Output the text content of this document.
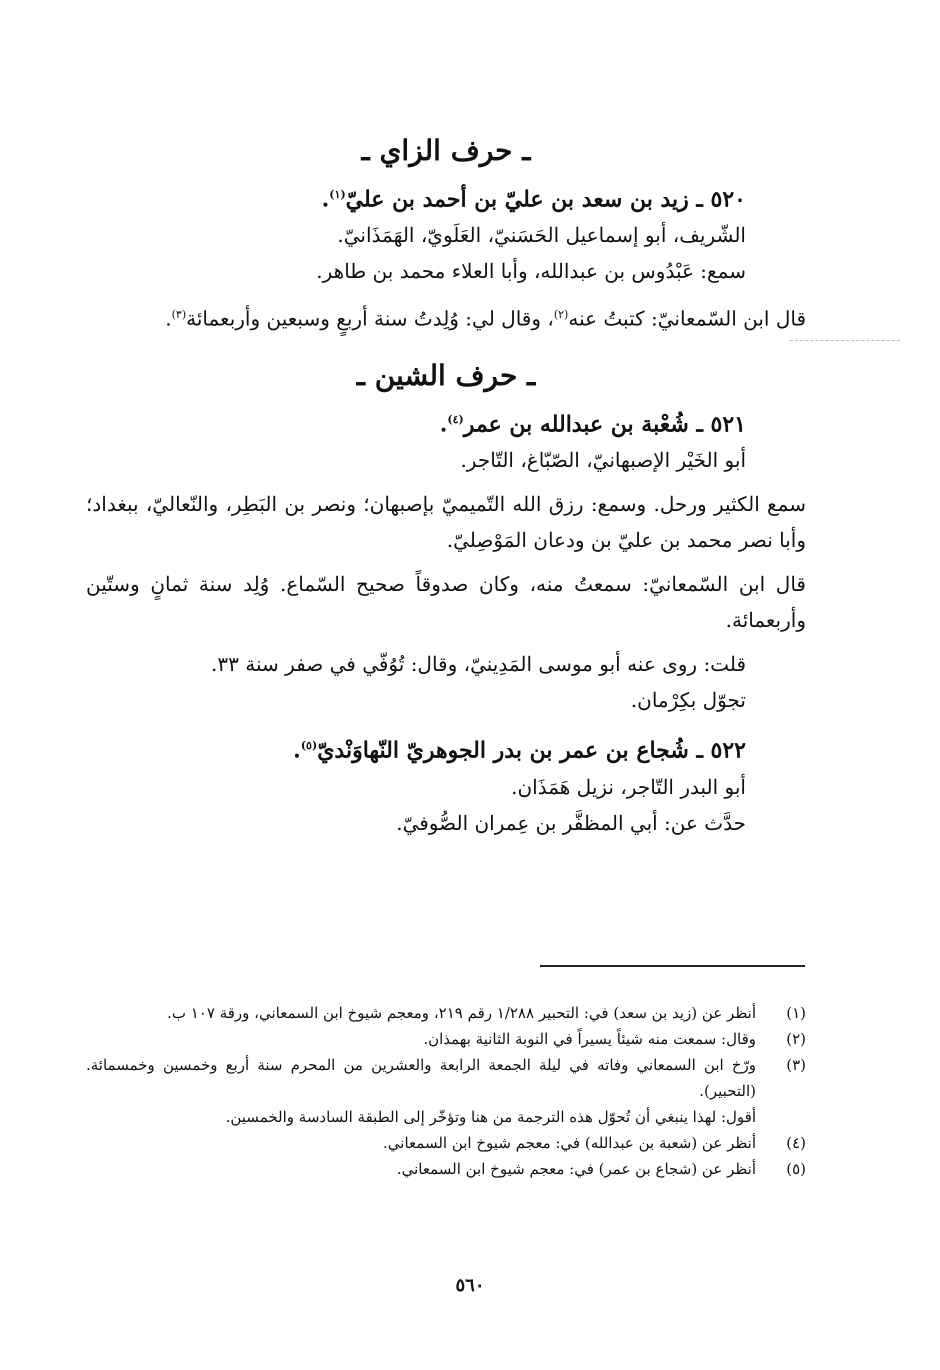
ـ حرف الزاي ـ
٥٢٠ ـ زيد بن سعد بن عليّ بن أحمد بن عليّ$^{(١)}$.
الشّريف، أبو إسماعيل الحَسَنيّ، العَلَويّ، الهَمَذَانيّ.
سمع: عَبْدُوس بن عبدالله، وأبا العلاء محمد بن طاهر.
قال ابن السّمعانيّ: كتبتُ عنه$^{(٢)}$، وقال لي: وُلِدتُ سنة أربعٍ وسبعين وأربعمائة$^{(٣)}$.
ـ حرف الشين ـ
٥٢١ ـ شُعْبة بن عبدالله بن عمر$^{(٤)}$.
أبو الخَيْر الإصبهانيّ، الصّبّاغ، التّاجر.
سمع الكثير ورحل. وسمع: رزق الله التّميميّ بإصبهان؛ ونصر بن البَطِر، والنّعاليّ، ببغداد؛ وأبا نصر محمد بن عليّ بن ودعان المَوْصِليّ.
قال ابن السّمعانيّ: سمعتُ منه، وكان صدوقاً صحيح السّماع. وُلِد سنة ثمانٍ وستّين وأربعمائة.
قلت: روى عنه أبو موسى المَدِينيّ، وقال: تُوُفّي في صفر سنة ٣٣.
تجوّل بكِرْمان.
٥٢٢ ـ شُجاع بن عمر بن بدر الجوهريّ النّهاوَنْديّ$^{(٥)}$.
أبو البدر التّاجر، نزيل هَمَذَان.
حدَّث عن: أبي المظفَّر بن عِمران الصُّوفيّ.
(١)
أنظر عن (زيد بن سعد) في: التحبير ١/٢٨٨ رقم ٢١٩، ومعجم شيوخ ابن السمعاني، ورقة ١٠٧ ب.
(٢)
وقال: سمعت منه شيئاً يسيراً في النوبة الثانية بهمذان.
(٣)
ورّخ ابن السمعاني وفاته في ليلة الجمعة الرابعة والعشرين من المحرم سنة أربع وخمسين وخمسمائة. (التحبير).
أقول: لهذا ينبغي أن تُحوّل هذه الترجمة من هنا وتؤخّر إلى الطبقة السادسة والخمسين.
(٤)
أنظر عن (شعبة بن عبدالله) في: معجم شيوخ ابن السمعاني.
(٥)
أنظر عن (شجاع بن عمر) في: معجم شيوخ ابن السمعاني.
٥٦٠
